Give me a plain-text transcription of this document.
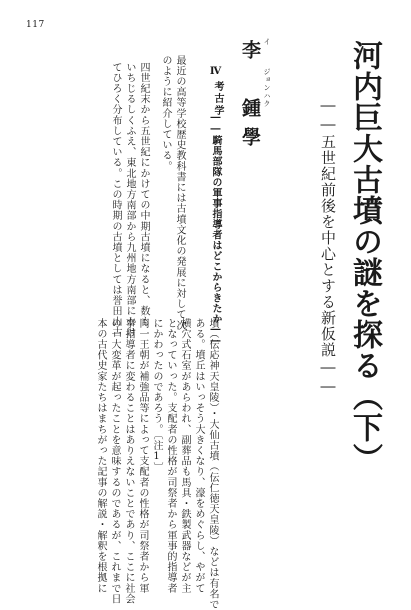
117
河内巨大古墳の謎を探る（下）
――五世紀前後を中心とする新仮説――
李　鍾學 イ
ジョンハク
Ⅳ
考古学
――騎馬部隊の軍事指導者はどこからきたか――
最近の高等学校歴史教科書には古墳文化の発展に対して次
のように紹介している。
四世紀末から五世紀にかけての中期古墳になると、数も
いちじるしくふえ、東北地方南部から九州地方南部にかけ
てひろく分布している。この時期の古墳としては誉田山古
墳（伝応神天皇陵）・大仙古墳（伝仁徳天皇陵）などは有名で
ある。墳丘はいっそう大きくなり、濠をめぐらし、やがて
横穴式石室があらわれ、副葬品も馬具・鉄製武器などが主
となっていった。支配者の性格が司祭者から軍事的指導者
にかわったのであろう。〔注1〕
同一王朝が補強品等によって支配者の性格が司祭者から軍
事指導者に変わることはありえないことであり、ここに社会
の一大変革が起ったことを意味するのであるが、これまで日
本の古代史家たちはまちがった記事の解説・解釈を根拠に
